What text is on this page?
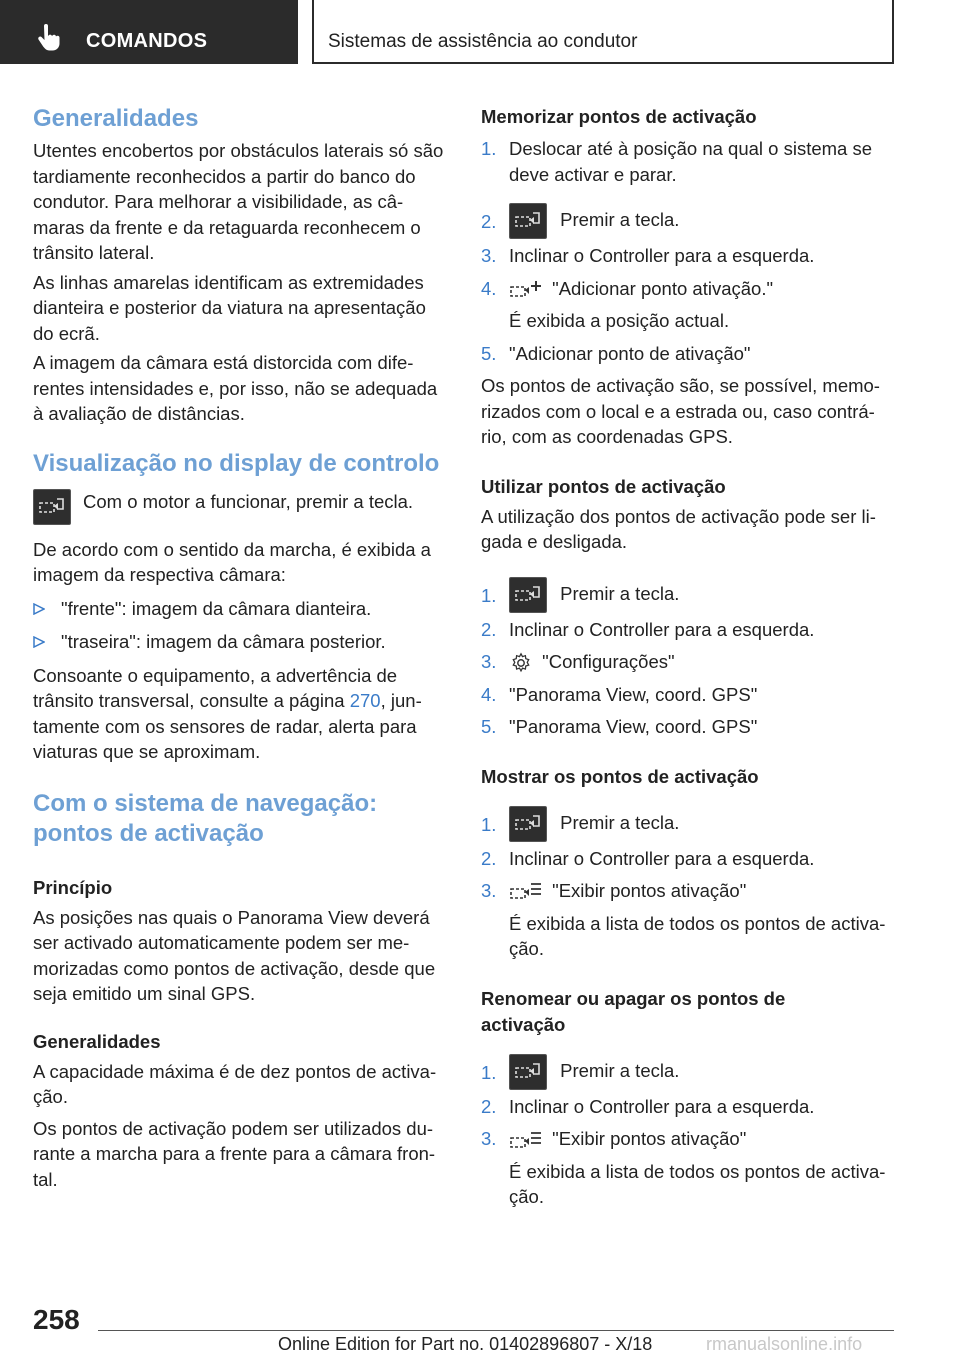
COMANDOS	Sistemas de assistência ao condutor
Generalidades

Utentes encobertos por obstáculos laterais só são tardiamente reconhecidos a partir do banco do condutor. Para melhorar a visibilidade, as câ-maras da frente e da retaguarda reconhecem o trânsito lateral.

As linhas amarelas identificam as extremidades dianteira e posterior da viatura na apresentação do ecrã.

A imagem da câmara está distorcida com dife-rentes intensidades e, por isso, não se adequada à avaliação de distâncias.

Visualização no display de controlo

Com o motor a funcionar, premir a tecla.

De acordo com o sentido da marcha, é exibida a imagem da respectiva câmara:

"frente": imagem da câmara dianteira.
"traseira": imagem da câmara posterior.

Consoante o equipamento, a advertência de trânsito transversal, consulte a página 270, jun-tamente com os sensores de radar, alerta para viaturas que se aproximam.

Com o sistema de navegação:
pontos de activação
Princípio

As posições nas quais o Panorama View deverá ser activado automaticamente podem ser me-morizadas como pontos de activação, desde que seja emitido um sinal GPS.

Generalidades

A capacidade máxima é de dez pontos de activa-ção.

Os pontos de activação podem ser utilizados du-rante a marcha para a frente para a câmara fron-tal.

Memorizar pontos de activação
1. Deslocar até à posição na qual o sistema se deve activar e parar.
2.	Premir a tecla.
3. Inclinar o Controller para a esquerda.
4.	"Adicionar ponto ativação."

É exibida a posição actual.

5. "Adicionar ponto de ativação"

Os pontos de activação são, se possível, memo-rizados com o local e a estrada ou, caso contrá-rio, com as coordenadas GPS.

Utilizar pontos de activação

A utilização dos pontos de activação pode ser li-gada e desligada.

1.	Premir a tecla.
2. Inclinar o Controller para a esquerda.
3. "Configurações"
4. "Panorama View, coord. GPS"
5. "Panorama View, coord. GPS"
Mostrar os pontos de activação
1.	Premir a tecla.
2. Inclinar o Controller para a esquerda.
3.	"Exibir pontos ativação"

É exibida a lista de todos os pontos de activa-ção.

Renomear ou apagar os pontos de activação
1.	Premir a tecla.
2. Inclinar o Controller para a esquerda.
3.	"Exibir pontos ativação"

É exibida a lista de todos os pontos de activa-ção.

258
Online Edition for Part no. 01402896807 - X/18	rmanualsonline.info
